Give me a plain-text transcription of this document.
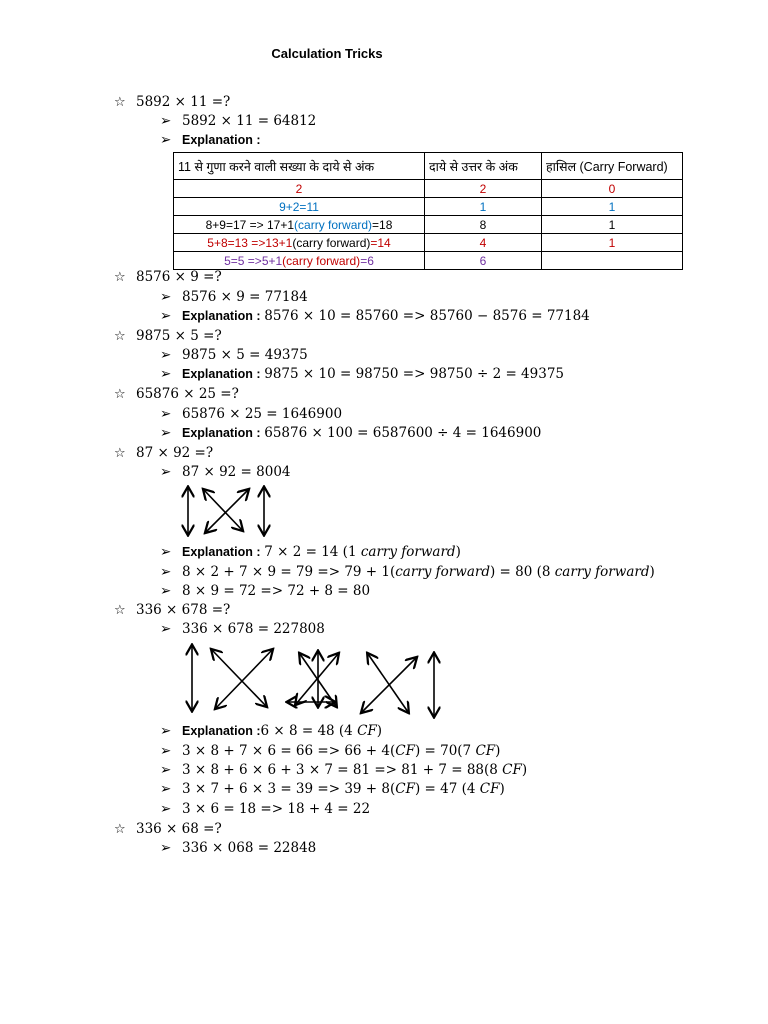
Calculation Tricks
☆ 5892 × 11 =?
➢ 5892 × 11 = 64812
➢ Explanation :
11 से गुणा करने वाली सख्या के दाये से अंक	दाये से उत्तर के अंक	हासिल (Carry Forward)
2	2	0
9+2=11	1	1
8+9=17 => 17+1(carry forward)=18	8	1
5+8=13 =>13+1(carry forward)=14	4	1
5=5 =>5+1(carry forward)=6	6	
☆ 8576 × 9 =?
➢ 8576 × 9 = 77184
➢ Explanation : 8576 × 10 = 85760 => 85760 − 8576 = 77184
☆ 9875 × 5 =?
➢ 9875 × 5 = 49375
➢ Explanation : 9875 × 10 = 98750 => 98750 ÷ 2 = 49375
☆ 65876 × 25 =?
➢ 65876 × 25 = 1646900
➢ Explanation : 65876 × 100 = 6587600 ÷ 4 = 1646900
☆ 87 × 92 =?
➢ 87 × 92 = 8004
➢ Explanation : 7 × 2 = 14 (1 carry forward)
➢ 8 × 2 + 7 × 9 = 79 => 79 + 1(carry forward) = 80 (8 carry forward)
➢ 8 × 9 = 72 => 72 + 8 = 80
☆ 336 × 678 =?
➢ 336 × 678 = 227808
➢ Explanation :6 × 8 = 48 (4 CF)
➢ 3 × 8 + 7 × 6 = 66 => 66 + 4(CF) = 70(7 CF)
➢ 3 × 8 + 6 × 6 + 3 × 7 = 81 => 81 + 7 = 88(8 CF)
➢ 3 × 7 + 6 × 3 = 39 => 39 + 8(CF) = 47 (4 CF)
➢ 3 × 6 = 18 => 18 + 4 = 22
☆ 336 × 68 =?
➢ 336 × 068 = 22848
